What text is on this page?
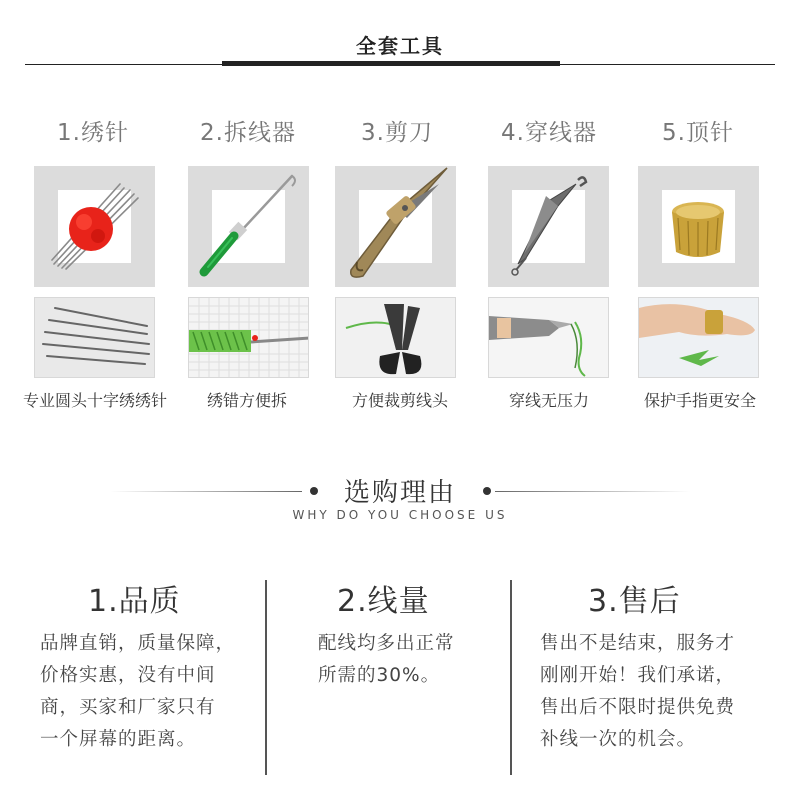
全套工具
1.绣针	2.拆线器	3.剪刀	4.穿线器	5.顶针
专业圆头十字绣绣针	绣错方便拆	方便裁剪线头	穿线无压力	保护手指更安全
选购理由
WHY DO YOU CHOOSE US
1.品质
品牌直销，质量保障，
价格实惠，没有中间
商，买家和厂家只有
一个屏幕的距离。
2.线量
配线均多出正常
所需的30%。
3.售后
售出不是结束，服务才
刚刚开始！我们承诺，
售出后不限时提供免费
补线一次的机会。
